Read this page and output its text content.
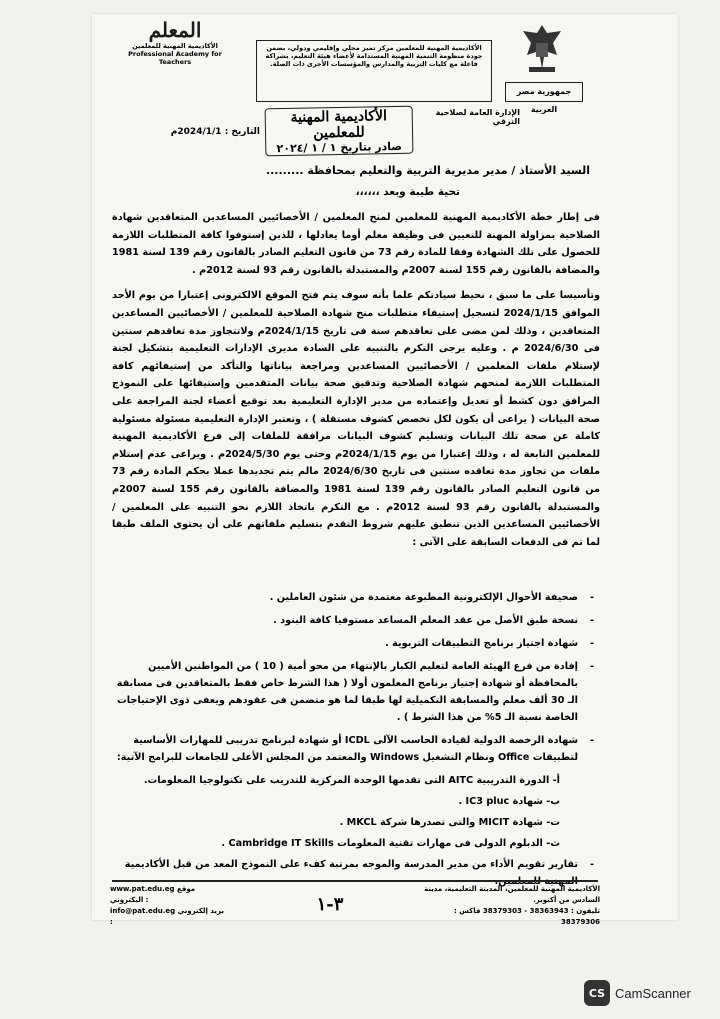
جمهورية مصر العربية
الأكاديمية المهنية للمعلمين مركز تميز محلي وإقليمي ودولي، بضمن جودة منظومة التنمية المهنية المستدامة لأعضاء هيئة التعليم، بشراكة فاعلة مع كليات التربية والمدارس والمؤسسات الأخرى ذات الصلة.
المعلم
الأكاديمية المهنية للمعلمين
Professional Academy for Teachers
الإدارة العامة لصلاحية الترقي
الأكاديمية المهنية للمعلمين
صادر بتاريخ ١ / ١ /٢٠٢٤
التاريخ : 2024/1/1م
السيد الأستاذ / مدير مديرية التربية والتعليم بمحافظة .........
تحية طيبة وبعد ،،،،،،

فى إطار خطة الأكاديمية المهنية للمعلمين لمنح المعلمين / الأخصائيين المساعدين المتعاقدين شهادة الصلاحية بمزاولة المهنة للتعيين فى وظيفة معلم أوما يعادلها ، للذين إستوفوا كافة المتطلبات اللازمة للحصول على تلك الشهادة وفقا للمادة رقم 73 من قانون التعليم الصادر بالقانون رقم 139 لسنة 1981 والمضافة بالقانون رقم 155 لسنة 2007م والمستبدلة بالقانون رقم 93 لسنة 2012م .

وتأسيسا على ما سبق ، نحيط سيادتكم علما بأنه سوف يتم فتح الموقع الالكترونى إعتبارا من يوم الأحد الموافق 2024/1/15 لتسجيل إستيفاء متطلبات منح شهادة الصلاحية للمعلمين / الأخصائيين المساعدين المتعاقدين ، وذلك لمن مضى على تعاقدهم سنة فى تاريخ 2024/1/15م ولاتتجاوز مدة تعاقدهم سنتين فى 2024/6/30 م . وعليه يرجى التكرم بالتنبيه على السادة مديرى الإدارات التعليمية بتشكيل لجنة لإستلام ملفات المعلمين / الأخصائيين المساعدين ومراجعة بياناتها والتأكد من إستيفائهم كافة المتطلبات اللازمة لمنحهم شهادة الصلاحية وتدقيق صحة بيانات المتقدمين وإستيفائها على النموذج المرافق دون كشط أو تعديل وإعتماده من مدير الإدارة التعليمية بعد توقيع أعضاء لجنة المراجعة على صحة البيانات ( يراعى أن يكون لكل تخصص كشوف مستقلة ) ، وتعتبر الإدارة التعليمية مسئولة مسئولية كاملة عن صحة تلك البيانات وتسليم كشوف البيانات مرافقة للملفات إلى فرع الأكاديمية المهنية للمعلمين التابعة له ، وذلك إعتبارا من يوم 2024/1/15م وحتى يوم 2024/5/30م . ويراعى عدم إستلام ملفات من تجاوز مدة تعاقده سنتين فى تاريخ 2024/6/30 مالم يتم تجديدها عملا بحكم المادة رقم 73 من قانون التعليم الصادر بالقانون رقم 139 لسنة 1981 والمضافة بالقانون رقم 155 لسنة 2007م والمستبدلة بالقانون رقم 93 لسنة 2012م . مع التكرم باتخاذ اللازم نحو التنبيه على المعلمين / الأخصائيين المساعدين الذين تنطبق عليهم شروط التقدم بتسليم ملفاتهم على أن يحتوى الملف طبقا لما تم فى الدفعات السابقة على الآتى :

- صحيفة الأحوال الإلكترونية المطبوعة معتمدة من شئون العاملين .
- نسخة طبق الأصل من عقد المعلم المساعد مستوفيا كافة البنود .
- شهادة اجتياز برنامج التطبيقات التربوية .
- إفادة من فرع الهيئة العامة لتعليم الكبار بالإنتهاء من محو أمية ( 10 ) من المواطنين الأميين بالمحافظة أو شهادة إجتياز برنامج المعلمون أولا ( هذا الشرط خاص فقط بالمتعاقدين فى مسابقة الـ 30 ألف معلم والمسابقة التكميلية لها طبقا لما هو متضمن فى عقودهم ويعفى ذوى الإحتياجات الخاصة نسبة الـ 5% من هذا الشرط ) .
- شهادة الرخصة الدولية لقيادة الحاسب الآلى ICDL أو شهادة لبرنامج تدريبى للمهارات الأساسية لتطبيقات Office ونظام التشغيل Windows والمعتمد من المجلس الأعلى للجامعات للبرامج الآتية:
أ- الدورة التدريبية AITC التى تقدمها الوحدة المركزية للتدريب على تكنولوجيا المعلومات.
ب- شهادة IC3 pluc .
ت- شهادة MICIT والتى تصدرها شركة MKCL .
ث- الدبلوم الدولى فى مهارات تقنية المعلومات Cambridge IT Skills .
- تقارير تقويم الأداء من مدير المدرسة والموجه بمرتبة كفء على النموذج المعد من قبل الأكاديمية المهنية للمعلمين.
الأكاديمية المهنية للمعلمين، المدينة التعليمية، مدينة السادس من أكتوبر.
تليفون : 38363943 - 38379303 فاكس : 38379306
٣-١
www.pat.edu.eg موقع اليكتروني :
info@pat.edu.eg بريد إلكتروني :
CS CamScanner
